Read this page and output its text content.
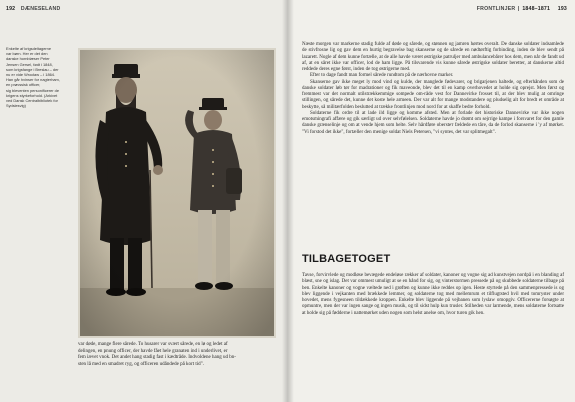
192 DÆNESELAND
Enkelte af krigsdeltagerne
var børn. Her er det den
danske hornblæser Peter
Jensen Gersel, født i 1848,
som krigsfange i Breslau – der
nu er vide Wrocław – i 1864.
Han går hvinser for nagterham,
en prøvssisk officer,
sig bleventen personificerer de
krigens styrkeforhold. (Arkivet
ved Dansk Centralbibliotek for
Sydslesvig)
var døde, mange flere sårede. To husarer var svært sårede, en lø og ledet af
delingen, en pnung officer, der havde fået hele granaten ind i underlivet, er
fem iævet vnok. Det andet hang stadig fast i kædtråde. Indvoldene hang ud bn-
sten lå med en smadret ryg, og officeren udåndede på kort tid".
FRONTLINJER 1848–1871 193

Næste morgen var markerne stadig fulde af døde og sårede, og stønnen og jamren hørtes overalt. De danske soldater indsamlede de stivfrosne lig og gav dem en hurtig begravelse bag skanserne og de sårede en nødtørftig forbinding, inden de blev sendt på lazarett. Nogle af dem kunne fortælle, at de alle havde været østrigske patruljer med ambulancebårer hos dem, men når de fandt ud af, at en såret ikke var officer, lod de ham ligge. På tilsvarende vis kunne sårede østrigske soldater beretter, at danskerne altid reddede deres egne først, inden de tog østrigerne med.

Efter to dage fandt man formel sårede rundtom på de nærhovne marker.

Skanserne gav ikke meget ly mod vind og kulde, der manglede fødevarer, og brigarjenen haltede, og efterhånden som de danske soldater løb tør for madrationer og fik maveonde, blev det til en kamp overhovedet at holde sig oprejst. Men først og fremmest var det normalt utilstrækkemmige sompede om-råde vest for Dannevirke frosset til, at der blev mulig at omringe stillingen, og sårede det, kunne det koste hele armeen. Der var alt for mange modstandere og pludselig alt for bredt et område at beskytte, så militærfolden beslutted at trække frontlinjen mod nord for at skaffe bedre forhold.

Soldaterne fik ordre til at lade ild ligge og komme afsted. Men at forlade det historiske Dannevirke var ikke nogen emotsmingrafi affære og gik særligt ud over selvfølelsen. Soldaterne havde jo drømt om sejrrige kampe i forsvaret for den gamle danske grænselinje og om at vende hjem som helte. Selv hårdføre obersteт fældede en tåre, da de forlod skanserne i 'y af mørket. "Vi forstod det ikke", fortæller den menige soldat Niels Petersen, "vi syntes, det var splitmegalt".

TILBAGETOGET

Tavse, forvirvlede og modløse bevægede endeløse rækker af soldater, kanoner og vogne sig ad kunstvejen nordpå i en blanding af blæst, sne og islag. Det var ommest umuligt at se en hånd for sig, og vinterstormen pressede på og skubbede soldaterne tilbage på ben. Enkelte kanoner og vogne væltede ned i grøften og kunne ikke reddes op igen. Heste styrtede på den sammenpressede is og blev liggende i vejkanten med brækkede lemmer, og soldaterne tog med mellemrum et tilflugtsted hvil med tomryster under hovedet, mens fygesneen tildækkede kroppen. Enkelte blev liggende på vejbanen som lyslaw omopgiv. Officererne forsøgte at opmuntre, men der var ingen sange og ingen musik, og til sidst hulp kun trusler. Stilheden var larmende, mens soldaterne fortsatte at holde sig på fødderne i nattemørket uden nogen som helst anelse om, hvor turen gik hen.
